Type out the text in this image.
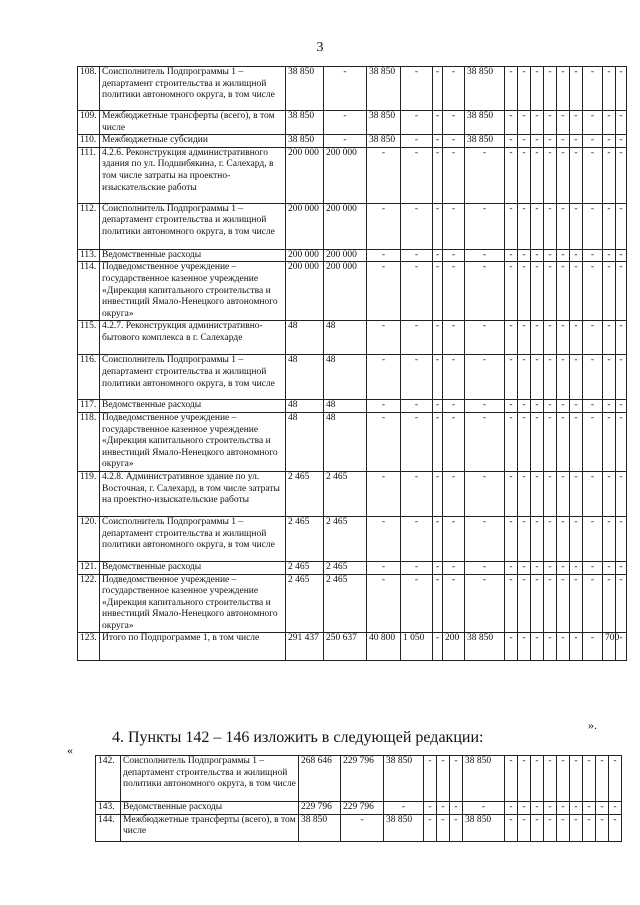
3
108.	Соисполнитель Подпрограммы 1 – департамент строительства и жилищной политики автономного округа, в том числе	38 850	-	38 850	-	-	-	38 850	-	-	-	-	-	-	-	-	-
109.	Межбюджетные трансферты (всего), в том числе	38 850	-	38 850	-	-	-	38 850	-	-	-	-	-	-	-	-	-
110.	Межбюджетные субсидии	38 850	-	38 850	-	-	-	38 850	-	-	-	-	-	-	-	-	-
111.	4.2.6. Реконструкция административного здания по ул. Подшибякина, г. Салехард, в том числе затраты на проектно-изыскательские работы	200 000	200 000	-	-	-	-	-	-	-	-	-	-	-	-	-	-
112.	Соисполнитель Подпрограммы 1 – департамент строительства и жилищной политики автономного округа, в том числе	200 000	200 000	-	-	-	-	-	-	-	-	-	-	-	-	-	-
113.	Ведомственные расходы	200 000	200 000	-	-	-	-	-	-	-	-	-	-	-	-	-	-
114.	Подведомственное учреждение – государственное казенное учреждение «Дирекция капитального строительства и инвестиций Ямало-Ненецкого автономного округа»	200 000	200 000	-	-	-	-	-	-	-	-	-	-	-	-	-	-
115.	4.2.7. Реконструкция административно-бытового комплекса в г. Салехарде	48	48	-	-	-	-	-	-	-	-	-	-	-	-	-	-
116.	Соисполнитель Подпрограммы 1 – департамент строительства и жилищной политики автономного округа, в том числе	48	48	-	-	-	-	-	-	-	-	-	-	-	-	-	-
117.	Ведомственные расходы	48	48	-	-	-	-	-	-	-	-	-	-	-	-	-	-
118.	Подведомственное учреждение – государственное казенное учреждение «Дирекция капитального строительства и инвестиций Ямало-Ненецкого автономного округа»	48	48	-	-	-	-	-	-	-	-	-	-	-	-	-	-
119.	4.2.8. Административное здание по ул. Восточная, г. Салехард, в том числе затраты на проектно-изыскательские работы	2 465	2 465	-	-	-	-	-	-	-	-	-	-	-	-	-	-
120.	Соисполнитель Подпрограммы 1 – департамент строительства и жилищной политики автономного округа, в том числе	2 465	2 465	-	-	-	-	-	-	-	-	-	-	-	-	-	-
121.	Ведомственные расходы	2 465	2 465	-	-	-	-	-	-	-	-	-	-	-	-	-	-
122.	Подведомственное учреждение – государственное казенное учреждение «Дирекция капитального строительства и инвестиций Ямало-Ненецкого автономного округа»	2 465	2 465	-	-	-	-	-	-	-	-	-	-	-	-	-	-
123.	Итого по Подпрограмме 1, в том числе	291 437	250 637	40 800	1 050	-	200	38 850	-	-	-	-	-	-	-	700	-
».
4. Пункты 142 – 146 изложить в следующей редакции:
«
142.	Соисполнитель Подпрограммы 1 – департамент строительства и жилищной политики автономного округа, в том числе	268 646	229 796	38 850	-	-	-	38 850	-	-	-	-	-	-	-	-	-
143.	Ведомственные расходы	229 796	229 796	-	-	-	-	-	-	-	-	-	-	-	-	-	-
144.	Межбюджетные трансферты (всего), в том числе	38 850	-	38 850	-	-	-	38 850	-	-	-	-	-	-	-	-	-
